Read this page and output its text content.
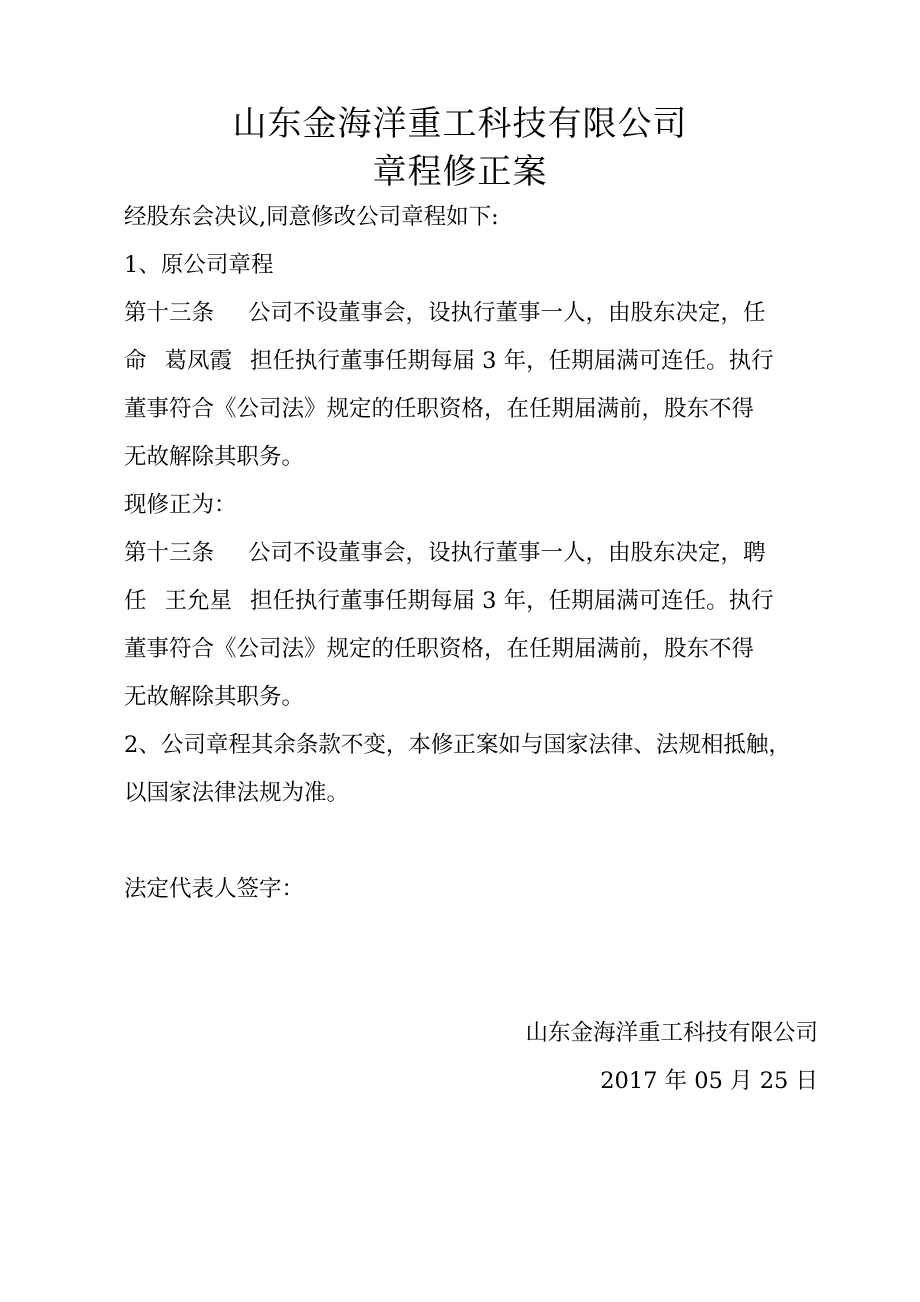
山东金海洋重工科技有限公司
章程修正案
经股东会决议,同意修改公司章程如下:
1、原公司章程
第十三条 公司不设董事会，设执行董事一人，由股东决定，任
命 葛凤霞 担任执行董事任期每届 3 年，任期届满可连任。执行
董事符合《公司法》规定的任职资格，在任期届满前，股东不得
无故解除其职务。
现修正为：
第十三条 公司不设董事会，设执行董事一人，由股东决定，聘
任 王允星 担任执行董事任期每届 3 年，任期届满可连任。执行
董事符合《公司法》规定的任职资格，在任期届满前，股东不得
无故解除其职务。
2、公司章程其余条款不变，本修正案如与国家法律、法规相抵触，
以国家法律法规为准。
法定代表人签字：
山东金海洋重工科技有限公司
2017 年 05 月 25 日
